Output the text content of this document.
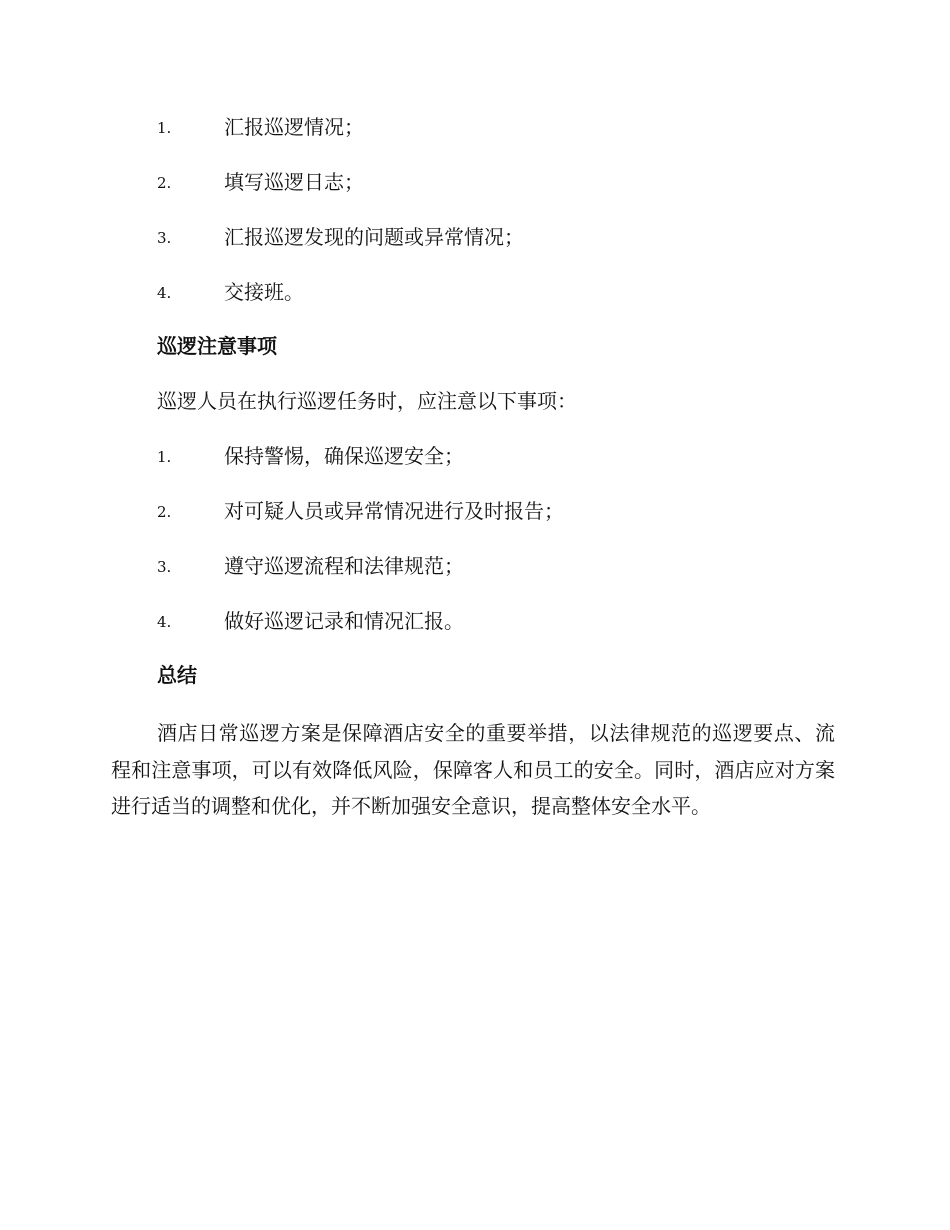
1.	汇报巡逻情况；
2.	填写巡逻日志；
3.	汇报巡逻发现的问题或异常情况；
4.	交接班。
巡逻注意事项
巡逻人员在执行巡逻任务时，应注意以下事项：
1.	保持警惕，确保巡逻安全；
2.	对可疑人员或异常情况进行及时报告；
3.	遵守巡逻流程和法律规范；
4.	做好巡逻记录和情况汇报。
总结

酒店日常巡逻方案是保障酒店安全的重要举措，以法律规范的巡逻要点、流程和注意事项，可以有效降低风险，保障客人和员工的安全。同时，酒店应对方案进行适当的调整和优化，并不断加强安全意识，提高整体安全水平。
